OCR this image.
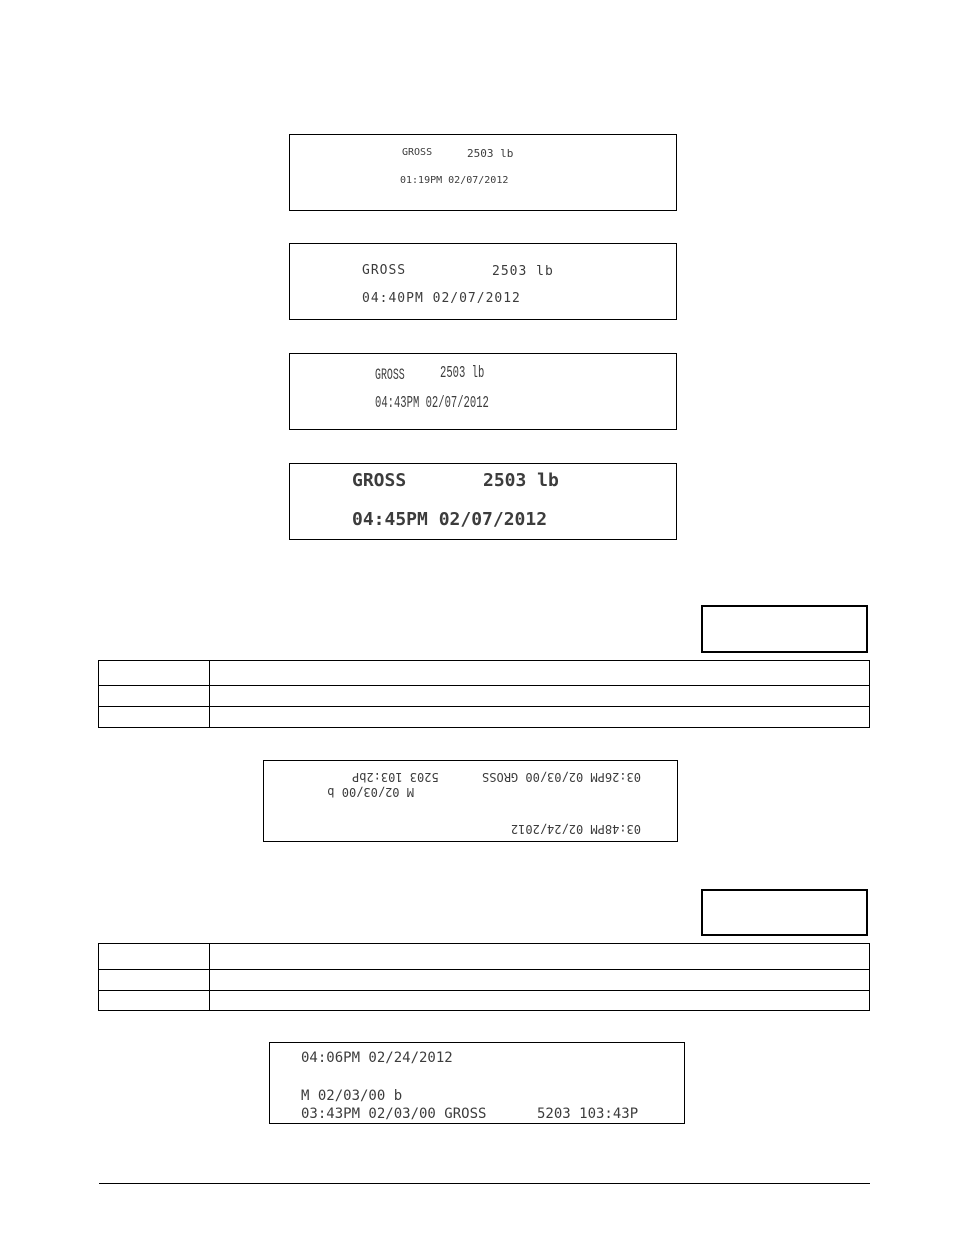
GROSS	2503 lb
01:19PM 02/07/2012
GROSS	2503 lb
04:40PM 02/07/2012
GROSS 2503 lb
04:43PM 02/07/2012
GROSS	2503 lb
04:45PM 02/07/2012

03:26PM 02/03/00 GROSS      5203 103:2bP
M 02/03/00 b
03:48PM 02/24/2012

04:06PM 02/24/2012
M 02/03/00 b
03:43PM 02/03/00 GROSS      5203 103:43P
